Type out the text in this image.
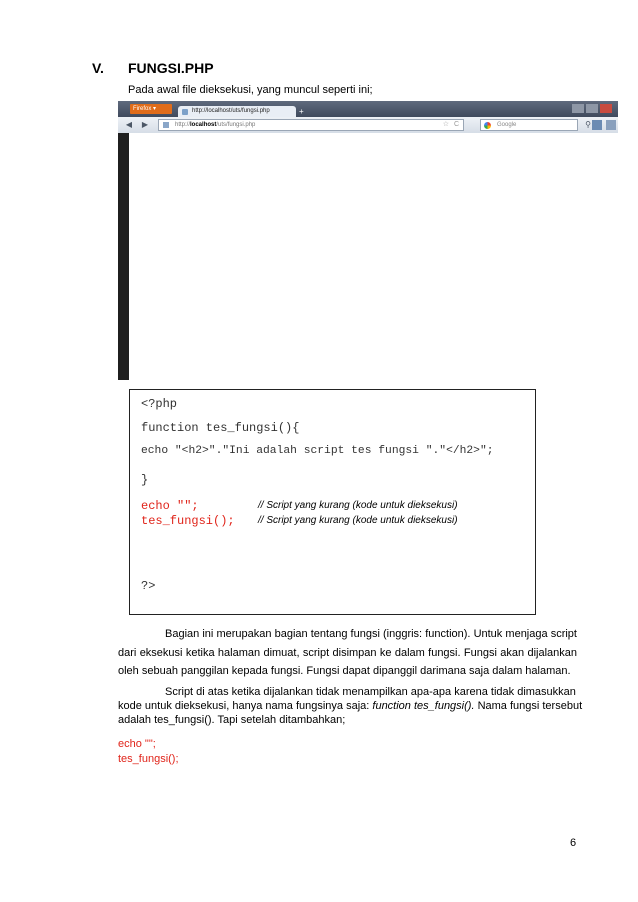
V. FUNGSI.PHP
Pada awal file dieksekusi, yang muncul seperti ini;
Firefox ▾	http://localhost/uts/fungsi.php	+
◀ ▶	http://localhost/uts/fungsi.php	☆ C	Google	⚲
<?php
function tes_fungsi(){
echo "<h2>"."Ini adalah script tes fungsi "."</h2>";
}
echo "";	// Script yang kurang (kode untuk dieksekusi)
tes_fungsi(); // Script yang kurang (kode untuk dieksekusi)
?>
Bagian ini merupakan bagian tentang fungsi (inggris: function). Untuk menjaga script
dari eksekusi ketika halaman dimuat, script disimpan ke dalam fungsi. Fungsi akan dijalankan
oleh sebuah panggilan kepada fungsi. Fungsi dapat dipanggil darimana saja dalam halaman.
Script di atas ketika dijalankan tidak menampilkan apa-apa karena tidak dimasukkan
kode untuk dieksekusi, hanya nama fungsinya saja: function tes_fungsi(). Nama fungsi tersebut
adalah tes_fungsi(). Tapi setelah ditambahkan;
echo "";
tes_fungsi();
6
